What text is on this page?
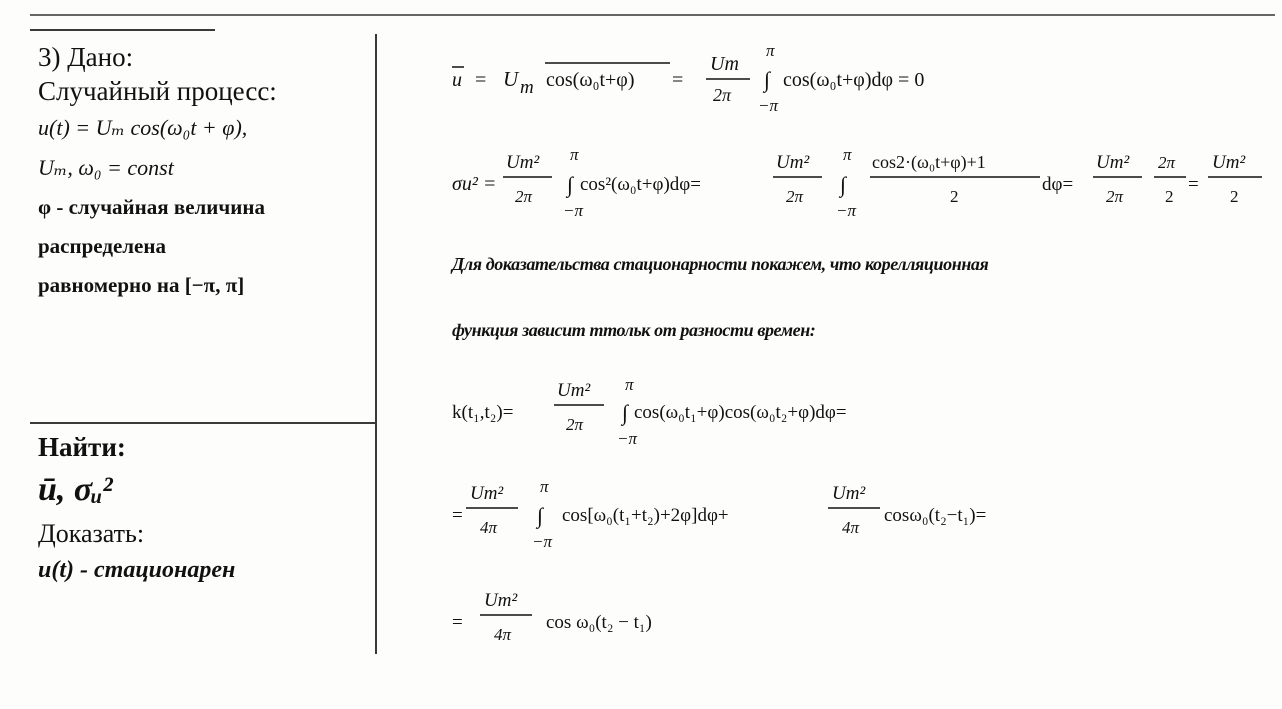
3) Дано:
Случайный процесс:
u(t) = Uₘ cos(ω₀t + φ),
Uₘ, ω₀ = const
φ - случайная величина
распределена
равномерно на [−π, π]
Найти:
ū, σᵤ²
Доказать:
u(t) - стационарен
Для доказательства стационарности покажем, что корелляционная
функция зависит ттольк от разности времен:
u = U m cos(ω₀t+φ) =
Um
2π
π
∫
−π
cos(ω₀t+φ)dφ = 0
σu² =
Um²
2π
π
∫
−π
cos²(ω₀t+φ)dφ=
Um²
2π
π
∫
−π
cos2·(ω₀t+φ)+1
2
dφ=
Um²
2π
2π
2
=
Um²
2
k(t₁,t₂)=
Um²
2π
π
∫
−π
cos(ω₀t₁+φ)cos(ω₀t₂+φ)dφ=
=
Um²
4π
π
∫
−π
cos[ω₀(t₁+t₂)+2φ]dφ+
Um²
4π
cosω₀(t₂−t₁)=
=
Um²
4π
cos ω₀(t₂ − t₁)
